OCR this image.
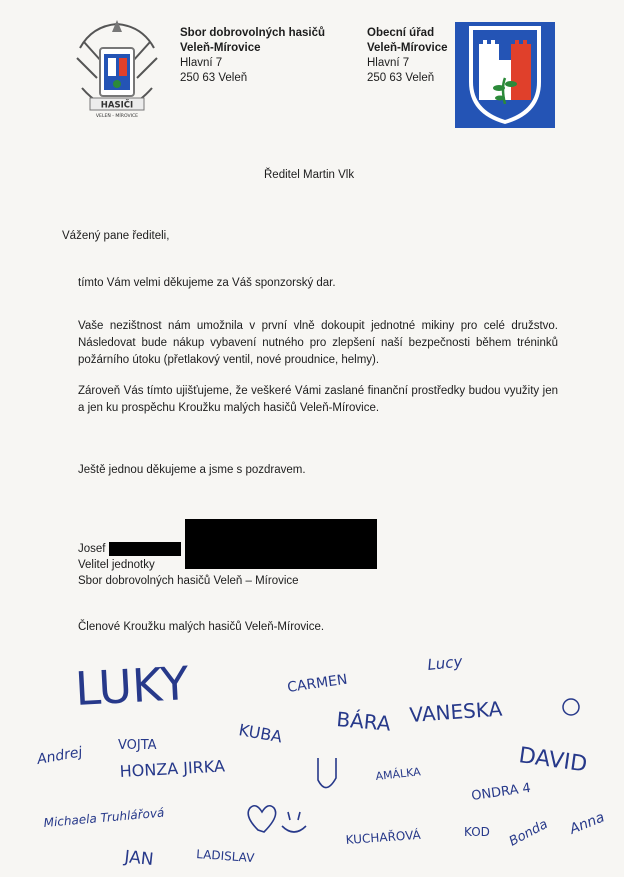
HASIČI
VELEŇ - MÍROVICE
Sbor dobrovolných hasičů
Veleň-Mírovice
Hlavní 7
250 63 Veleň
Obecní úřad
Veleň-Mírovice
Hlavní 7
250 63 Veleň
Ředitel Martin Vlk
Vážený pane řediteli,
tímto Vám velmi děkujeme za Váš sponzorský dar.
Vaše nezištnost nám umožnila v první vlně dokoupit jednotné mikiny pro celé družstvo. Následovat bude nákup vybavení nutného pro zlepšení naší bezpečnosti během tréninků požárního útoku (přetlakový ventil, nové proudnice, helmy).
Zároveň Vás tímto ujišťujeme, že veškeré Vámi zaslané finanční prostředky budou využity jen a jen ku prospěchu Kroužku malých hasičů Veleň-Mírovice.
Ještě jednou děkujeme a jsme s pozdravem.
Josef
Velitel jednotky
Sbor dobrovolných hasičů Veleň – Mírovice
Členové Kroužku malých hasičů Veleň-Mírovice.
LUKY	CARMEN
Lucy
BÁRA VANESKA
Andrej	VOJTA	KUBA
HONZA JIRKA	AMÁLKA
ONDRA 4
DAVID
Michaela Truhlářová
JAN	LADISLAV
KUCHAŘOVÁ	KOD Bonda Anna
